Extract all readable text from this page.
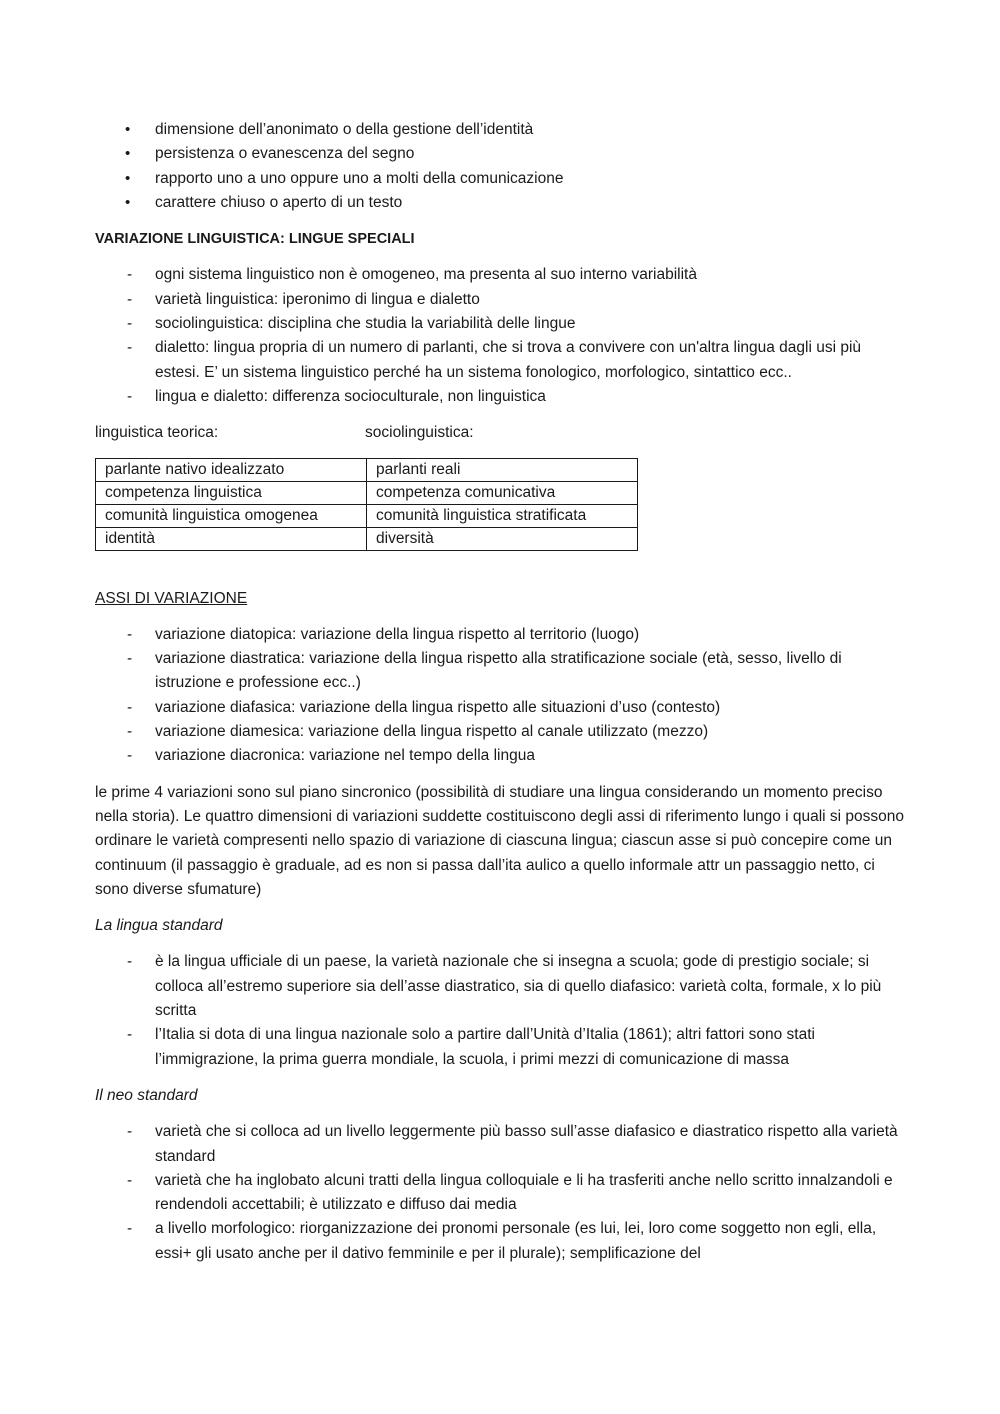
•	dimensione dell’anonimato o della gestione dell’identità
•	persistenza o evanescenza del segno
•	rapporto uno a uno oppure uno a molti della comunicazione
•	carattere chiuso o aperto di un testo
VARIAZIONE LINGUISTICA: LINGUE SPECIALI
-	ogni sistema linguistico non è omogeneo, ma presenta al suo interno variabilità
-	varietà linguistica: iperonimo di lingua e dialetto
-	sociolinguistica: disciplina che studia la variabilità delle lingue
-	dialetto: lingua propria di un numero di parlanti, che si trova a convivere con un'altra lingua dagli usi più estesi. E’ un sistema linguistico perché ha un sistema fonologico, morfologico, sintattico ecc..
-	lingua e dialetto: differenza socioculturale, non linguistica
linguistica teorica:	sociolinguistica:
parlante nativo idealizzato	parlanti reali
competenza linguistica	competenza comunicativa
comunità linguistica omogenea	comunità linguistica stratificata
identità	diversità
ASSI DI VARIAZIONE
-	variazione diatopica: variazione della lingua rispetto al territorio (luogo)
-	variazione diastratica: variazione della lingua rispetto alla stratificazione sociale (età, sesso, livello di istruzione e professione ecc..)
-	variazione diafasica: variazione della lingua rispetto alle situazioni d’uso (contesto)
-	variazione diamesica: variazione della lingua rispetto al canale utilizzato (mezzo)
-	variazione diacronica: variazione nel tempo della lingua

le prime 4 variazioni sono sul piano sincronico (possibilità di studiare una lingua considerando un momento preciso nella storia). Le quattro dimensioni di variazioni suddette costituiscono degli assi di riferimento lungo i quali si possono ordinare le varietà compresenti nello spazio di variazione di ciascuna lingua; ciascun asse si può concepire come un continuum (il passaggio è graduale, ad es non si passa dall’ita aulico a quello informale attr un passaggio netto, ci sono diverse sfumature)

La lingua standard
-	è la lingua ufficiale di un paese, la varietà nazionale che si insegna a scuola; gode di prestigio sociale; si colloca all’estremo superiore sia dell’asse diastratico, sia di quello diafasico: varietà colta, formale, x lo più scritta
-	l’Italia si dota di una lingua nazionale solo a partire dall’Unità d’Italia (1861); altri fattori sono stati l’immigrazione, la prima guerra mondiale, la scuola, i primi mezzi di comunicazione di massa
Il neo standard
-	varietà che si colloca ad un livello leggermente più basso sull’asse diafasico e diastratico rispetto alla varietà standard
-	varietà che ha inglobato alcuni tratti della lingua colloquiale e li ha trasferiti anche nello scritto innalzandoli e rendendoli accettabili; è utilizzato e diffuso dai media
-	a livello morfologico: riorganizzazione dei pronomi personale (es lui, lei, loro come soggetto non egli, ella, essi+ gli usato anche per il dativo femminile e per il plurale); semplificazione del
